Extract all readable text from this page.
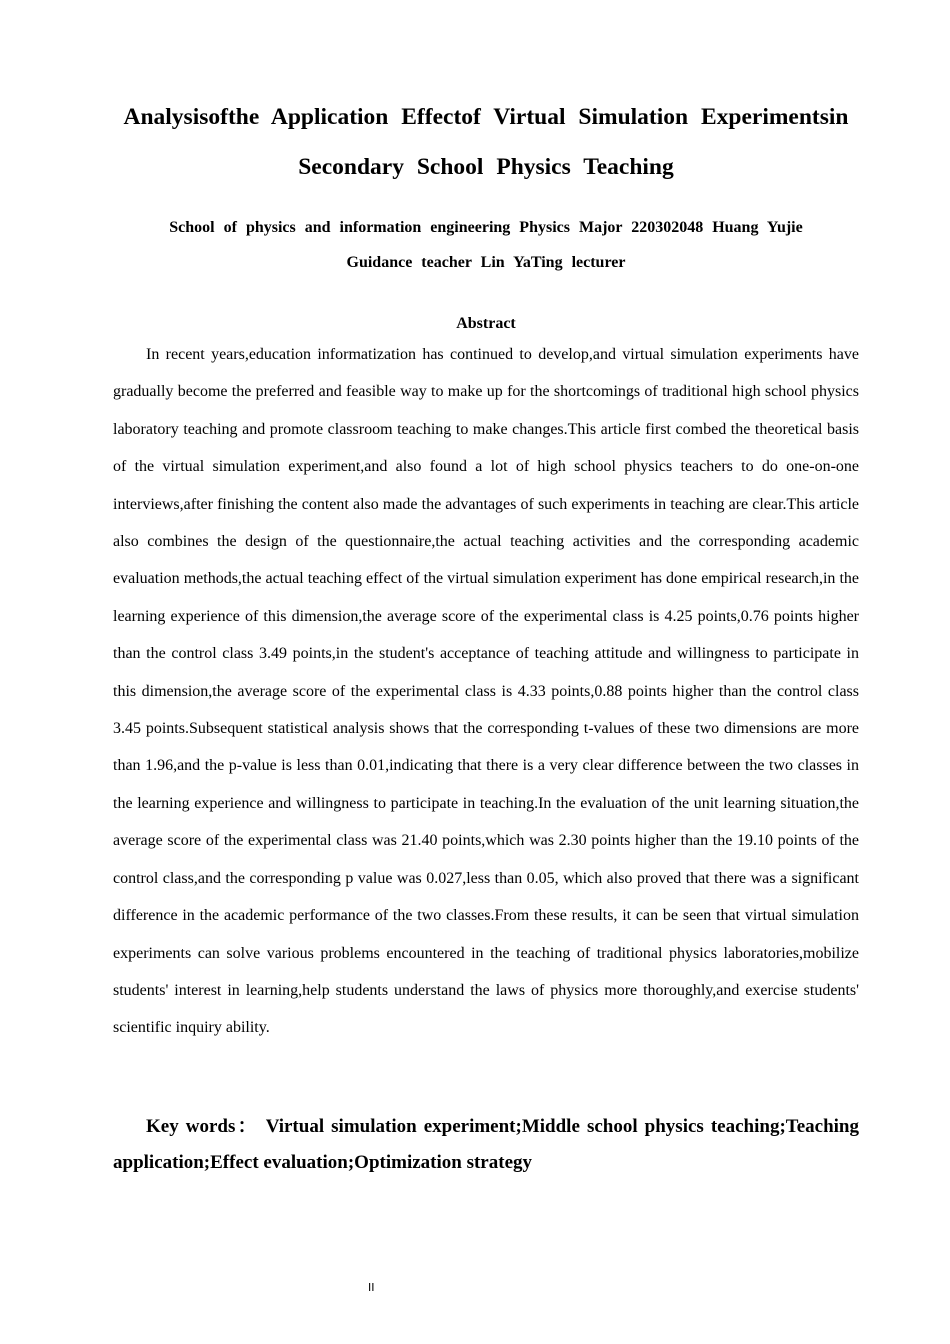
Analysisofthe Application Effectof Virtual Simulation Experimentsin
Secondary School Physics Teaching

School of physics and information engineering Physics Major 220302048 Huang Yujie

Guidance teacher Lin YaTing lecturer

Abstract

In recent years,education informatization has continued to develop,and virtual simulation experiments have gradually become the preferred and feasible way to make up for the shortcomings of traditional high school physics laboratory teaching and promote classroom teaching to make changes.This article first combed the theoretical basis of the virtual simulation experiment,and also found a lot of high school physics teachers to do one-on-one interviews,after finishing the content also made the advantages of such experiments in teaching are clear.This article also combines the design of the questionnaire,the actual teaching activities and the corresponding academic evaluation methods,the actual teaching effect of the virtual simulation experiment has done empirical research,in the learning experience of this dimension,the average score of the experimental class is 4.25 points,0.76 points higher than the control class 3.49 points,in the student's acceptance of teaching attitude and willingness to participate in this dimension,the average score of the experimental class is 4.33 points,0.88 points higher than the control class 3.45 points.Subsequent statistical analysis shows that the corresponding t-values of these two dimensions are more than 1.96,and the p-value is less than 0.01,indicating that there is a very clear difference between the two classes in the learning experience and willingness to participate in teaching.In the evaluation of the unit learning situation,the average score of the experimental class was 21.40 points,which was 2.30 points higher than the 19.10 points of the control class,and the corresponding p value was 0.027,less than 0.05, which also proved that there was a significant difference in the academic performance of the two classes.From these results, it can be seen that virtual simulation experiments can solve various problems encountered in the teaching of traditional physics laboratories,mobilize students' interest in learning,help students understand the laws of physics more thoroughly,and exercise students' scientific inquiry ability.

Key words： Virtual simulation experiment;Middle school physics teaching;Teaching application;Effect evaluation;Optimization strategy

II
